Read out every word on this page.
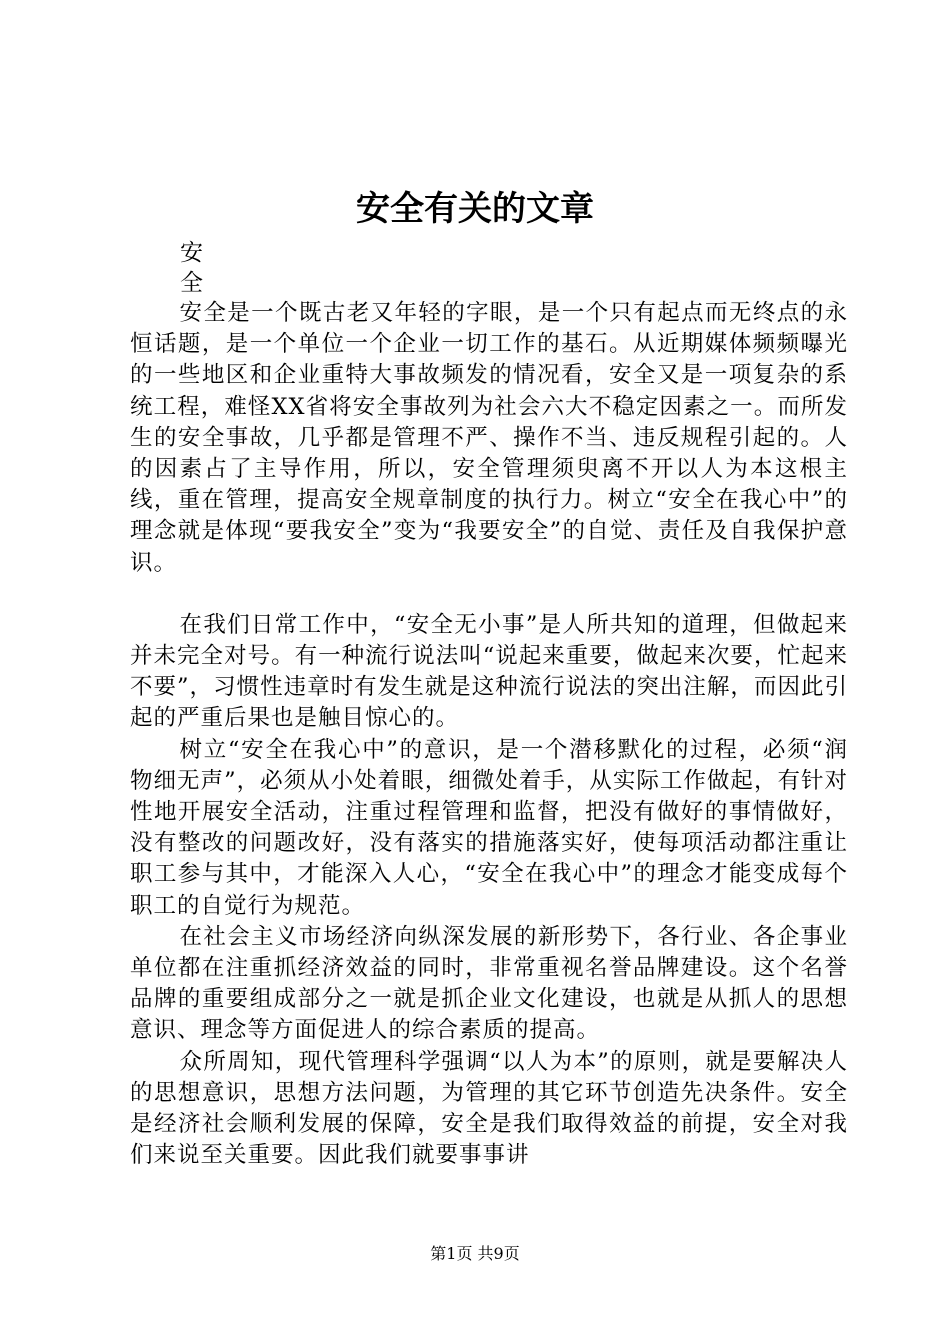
安全有关的文章
安
全

安全是一个既古老又年轻的字眼，是一个只有起点而无终点的永恒话题，是一个单位一个企业一切工作的基石。从近期媒体频频曝光的一些地区和企业重特大事故频发的情况看，安全又是一项复杂的系统工程，难怪XX省将安全事故列为社会六大不稳定因素之一。而所发生的安全事故，几乎都是管理不严、操作不当、违反规程引起的。人的因素占了主导作用，所以，安全管理须臾离不开以人为本这根主线，重在管理，提高安全规章制度的执行力。树立“安全在我心中”的理念就是体现“要我安全”变为“我要安全”的自觉、责任及自我保护意识。

在我们日常工作中，“安全无小事”是人所共知的道理，但做起来并未完全对号。有一种流行说法叫“说起来重要，做起来次要，忙起来不要”，习惯性违章时有发生就是这种流行说法的突出注解，而因此引起的严重后果也是触目惊心的。

树立“安全在我心中”的意识，是一个潜移默化的过程，必须“润物细无声”，必须从小处着眼，细微处着手，从实际工作做起，有针对性地开展安全活动，注重过程管理和监督，把没有做好的事情做好，没有整改的问题改好，没有落实的措施落实好，使每项活动都注重让职工参与其中，才能深入人心，“安全在我心中”的理念才能变成每个职工的自觉行为规范。

在社会主义市场经济向纵深发展的新形势下，各行业、各企事业单位都在注重抓经济效益的同时，非常重视名誉品牌建设。这个名誉品牌的重要组成部分之一就是抓企业文化建设，也就是从抓人的思想意识、理念等方面促进人的综合素质的提高。

众所周知，现代管理科学强调“以人为本”的原则，就是要解决人的思想意识，思想方法问题，为管理的其它环节创造先决条件。安全是经济社会顺利发展的保障，安全是我们取得效益的前提，安全对我们来说至关重要。因此我们就要事事讲

第1页 共9页
